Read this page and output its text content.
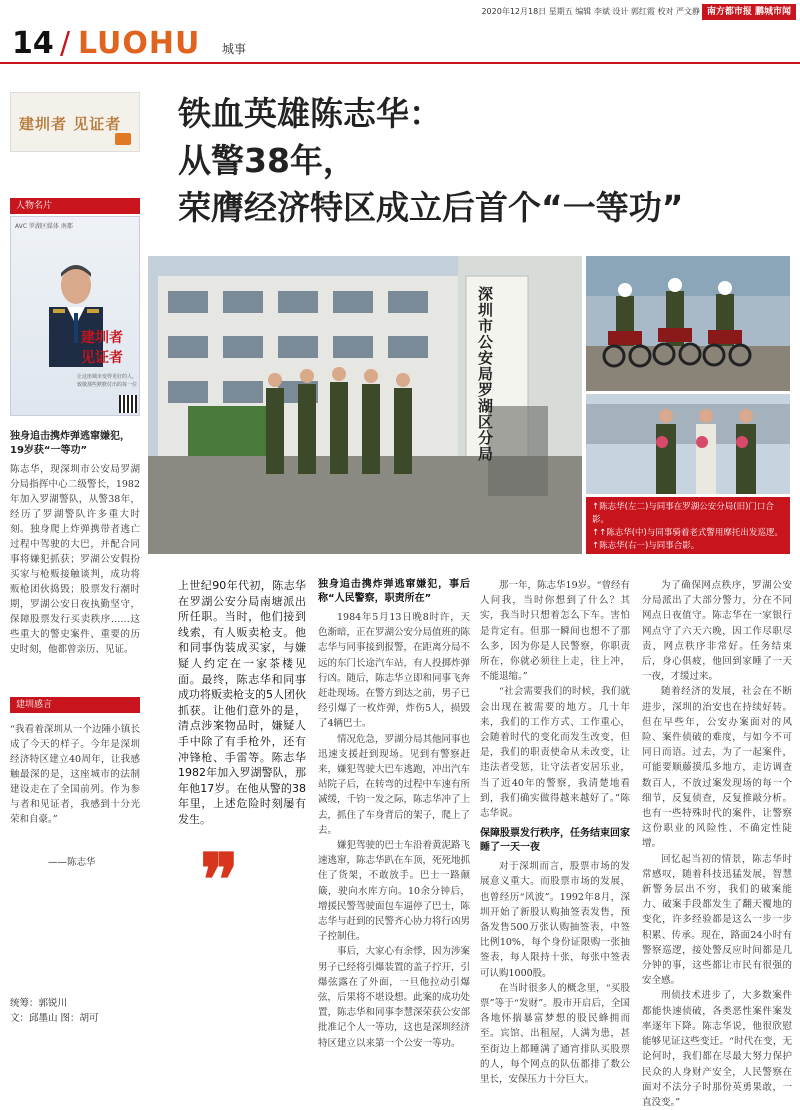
2020年12月18日 星期五 编辑 李斌 设计 郭红霞 校对 严文静 南方都市报 鹏城市闻
14 / LUOHU 城事
铁血英雄陈志华：
从警38年，
荣膺经济特区成立后首个“一等功”
建圳者 见证者
人物名片
AVC 罗湖区媒体 南都
建圳者
见证者
让这座城市变得更好的人，致敬那些默默付出的每一位
独身追击携炸弹逃窜嫌犯，19岁获“一等功”
陈志华，现深圳市公安局罗湖分局指挥中心二级警长，1982年加入罗湖警队，从警38年，经历了罗湖警队许多重大时刻。独身爬上炸弹携带者逃亡过程中驾驶的大巴，并配合同事将嫌犯抓获；罗湖公安假扮买家与枪贩接触谈判，成功将贩枪团伙捣毁；股票发行潮时期，罗湖公安日夜执勤坚守，保障股票发行买卖秩序……这些重大的警史案件、重要的历史时刻，他都曾亲历、见证。
建圳感言
“我看着深圳从一个边陲小镇长成了今天的样子。今年是深圳经济特区建立40周年，让我感触最深的是，这座城市的法制建设走在了全国前列。作为参与者和见证者，我感到十分光荣和自豪。”
——陈志华
统筹：郭锐川
文：邱墨山 图：胡可
深圳市公安局罗湖区分局
↑陈志华(左二)与同事在罗湖公安分局(旧)门口合影。
↑↑陈志华(中)与同事骑着老式警用摩托出发巡逻。
↑陈志华(右一)与同事合影。
上世纪90年代初，陈志华在罗湖公安分局南塘派出所任职。当时，他们接到线索，有人贩卖枪支。他和同事伪装成买家，与嫌疑人约定在一家茶楼见面。最终，陈志华和同事成功将贩卖枪支的5人团伙抓获。让他们意外的是，清点涉案物品时，嫌疑人手中除了有手枪外，还有冲锋枪、手雷等。陈志华1982年加入罗湖警队，那年他17岁。在他从警的38年里，上述危险时刻屡有发生。
❞
独身追击携炸弹逃窜嫌犯，事后称“人民警察，职责所在”

1984年5月13日晚8时许，天色渐暗，正在罗湖公安分局值班的陈志华与同事接到报警，在距离分局不远的东门长途汽车站，有人投掷炸弹行凶。随后，陈志华立即和同事飞奔赶赴现场。在警方到达之前，男子已经引爆了一枚炸弹，炸伤5人，损毁了4辆巴士。

情况危急，罗湖分局其他同事也迅速支援赶到现场。见到有警察赶来，嫌犯驾驶大巴车逃跑，冲出汽车站院子后，在转弯的过程中车速有所减缓，千钧一发之际，陈志华冲了上去，抓住了车身背后的架子，爬上了去。

嫌犯驾驶的巴士车沿着黄泥路飞速逃窜，陈志华趴在车顶，死死地抓住了货架，不敢放手。巴士一路颠簸，驶向水库方向。10余分钟后，增援民警驾驶面包车逼停了巴士，陈志华与赶到的民警齐心协力将行凶男子控制住。

事后，大家心有余悸，因为涉案男子已经将引爆装置的盖子拧开，引爆弦露在了外面，一旦他拉动引爆弦，后果将不堪设想。此案的成功处置，陈志华和同事李慧深荣获公安部批准记个人一等功，这也是深圳经济特区建立以来第一个公安一等功。

那一年，陈志华19岁。“曾经有人问我，当时你想到了什么？其实，我当时只想着怎么下车。害怕是肯定有。但那一瞬间也想不了那么多，因为你是人民警察，你职责所在，你就必须往上走，往上冲，不能退缩。”

“社会需要我们的时候，我们就会出现在被需要的地方。几十年来，我们的工作方式、工作重心，会随着时代的变化而发生改变，但是，我们的职责使命从未改变，让违法者受惩，让守法者安居乐业，当了近40年的警察，我清楚地看到，我们确实做得越来越好了。”陈志华说。

保障股票发行秩序，任务结束回家睡了一天一夜

对于深圳而言，股票市场的发展意义重大。而股票市场的发展，也曾经历“风波”。1992年8月，深圳开始了新股认购抽签表发售，预备发售500万张认购抽签表，中签比例10%，每个身份证限购一张抽签表，每人限持十张，每张中签表可认购1000股。

在当时很多人的概念里，“买股票”等于“发财”。股市开启后，全国各地怀揣暴富梦想的股民蜂拥而至。宾馆、出租屋，人满为患，甚至街边上都睡满了通宵排队买股票的人，每个网点的队伍都排了数公里长，安保压力十分巨大。

为了确保网点秩序，罗湖公安分局派出了大部分警力，分在不同网点日夜值守。陈志华在一家银行网点守了六天六晚，因工作尽职尽责，网点秩序非常好。任务结束后，身心俱疲，他回到家睡了一天一夜，才缓过来。

随着经济的发展，社会在不断进步，深圳的治安也在持续好转。但在早些年，公安办案面对的风险、案件侦破的难度，与如今不可同日而语。过去，为了一起案件，可能要顺藤摸瓜多地方，走访调查数百人，不放过案发现场的每一个细节，反复侦查，反复推敲分析。也有一些特殊时代的案件，让警察这份职业的风险性、不确定性陡增。

回忆起当初的情景，陈志华时常感叹，随着科技迅猛发展，智慧新警务层出不穷，我们的破案能力、破案手段都发生了翻天覆地的变化，许多经验都是这么一步一步积累、传承。现在，路面24小时有警察巡逻，接处警反应时间都是几分钟的事，这些都让市民有很强的安全感。

刑侦技术进步了，大多数案件都能快速侦破，各类恶性案件案发率逐年下降。陈志华说，他很欣慰能够见证这些变迁。“时代在变，无论何时，我们都在尽最大努力保护民众的人身财产安全，人民警察在面对不法分子时那份英勇果敢，一直没变。”
